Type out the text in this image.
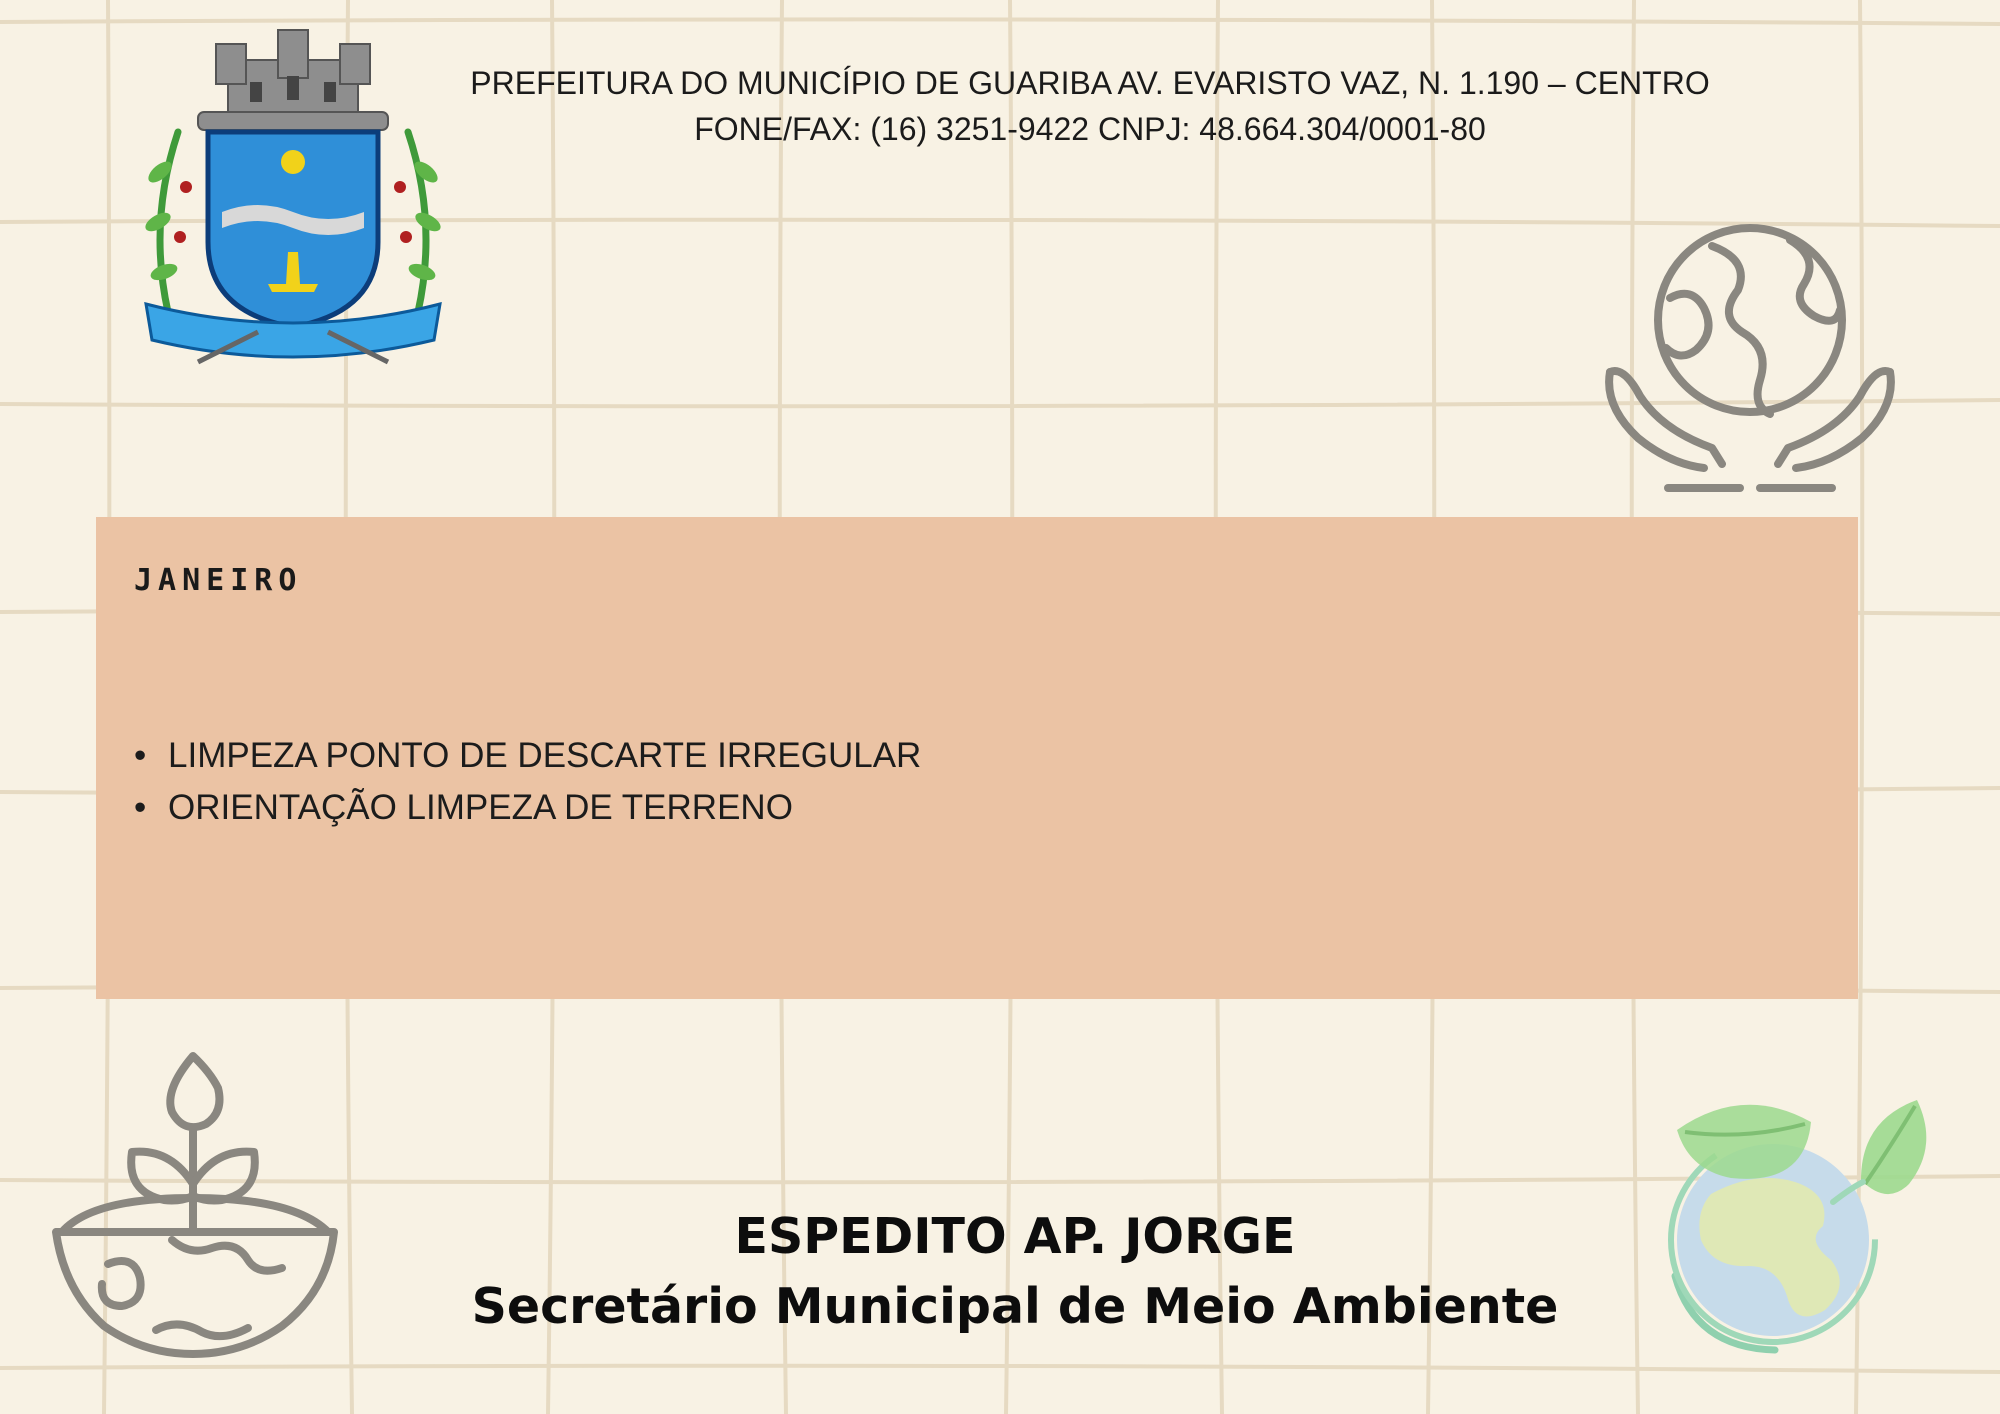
PREFEITURA DO MUNICÍPIO DE GUARIBA AV. EVARISTO VAZ, N. 1.190 – CENTRO
FONE/FAX: (16) 3251-9422 CNPJ: 48.664.304/0001-80
JANEIRO
• LIMPEZA PONTO DE DESCARTE IRREGULAR
• ORIENTAÇÃO LIMPEZA DE TERRENO
ESPEDITO AP. JORGE
Secretário Municipal de Meio Ambiente
